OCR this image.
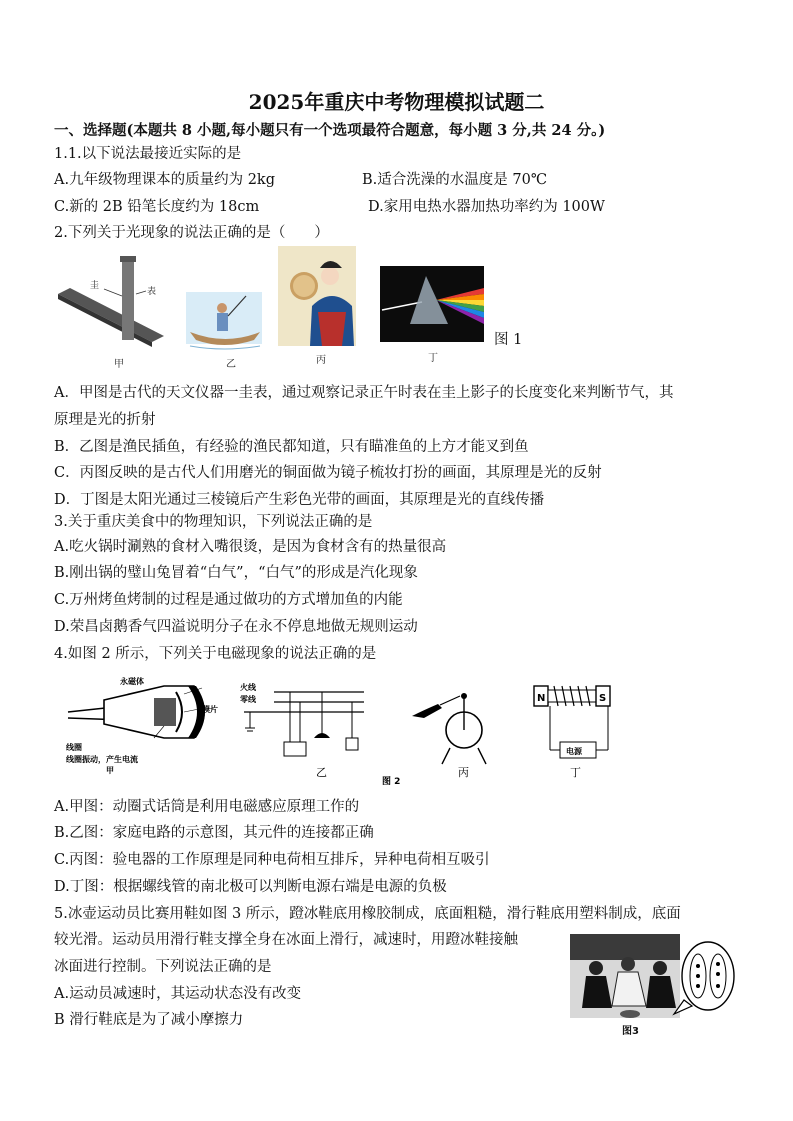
2025年重庆中考物理模拟试题二
一、选择题(本题共 8 小题,每小题只有一个选项最符合题意，每小题 3 分,共 24 分。)
1.1.以下说法最接近实际的是
A.九年级物理课本的质量约为 2kg	B.适合洗澡的水温度是 70℃
C.新的 2B 铅笔长度约为 18cm	D.家用电热水器加热功率约为 100W
2.下列关于光现象的说法正确的是（　　）
圭
表
甲	乙	丙	丁
图 1
A．甲图是古代的天文仪器一圭表，通过观察记录正午时表在圭上影子的长度变化来判断节气，其
原理是光的折射
B．乙图是渔民插鱼，有经验的渔民都知道，只有瞄准鱼的上方才能叉到鱼
C．丙图反映的是古代人们用磨光的铜面做为镜子梳妆打扮的画面，其原理是光的反射
D．丁图是太阳光通过三棱镜后产生彩色光带的画面，其原理是光的直线传播
3.关于重庆美食中的物理知识，下列说法正确的是
A.吃火锅时涮熟的食材入嘴很烫，是因为食材含有的热量很高
B.刚出锅的璧山兔冒着“白气”，“白气”的形成是汽化现象
C.万州烤鱼烤制的过程是通过做功的方式增加鱼的内能
D.荣昌卤鹅香气四溢说明分子在永不停息地做无规则运动
4.如图 2 所示，下列关于电磁现象的说法正确的是
永磁体
膜片
线圈
线圈振动，产生电流
甲
火线
零线
乙	丙
N	S
电源
丁
图 2
A.甲图：动圈式话筒是利用电磁感应原理工作的
B.乙图：家庭电路的示意图，其元件的连接都正确
C.丙图：验电器的工作原理是同种电荷相互排斥，异种电荷相互吸引
D.丁图：根据螺线管的南北极可以判断电源右端是电源的负极
5.冰壶运动员比赛用鞋如图 3 所示，蹬冰鞋底用橡胶制成，底面粗糙，滑行鞋底用塑料制成，底面
较光滑。运动员用滑行鞋支撑全身在冰面上滑行，减速时，用蹬冰鞋接触
冰面进行控制。下列说法正确的是
A.运动员减速时，其运动状态没有改变
B 滑行鞋底是为了减小摩擦力
图3
